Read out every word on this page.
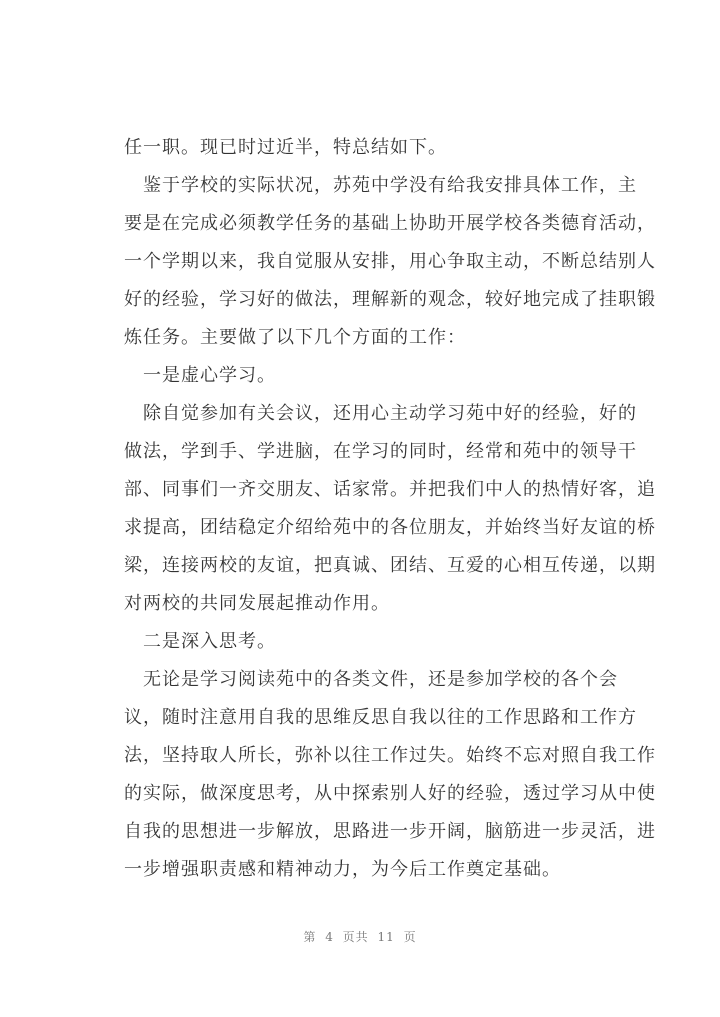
任一职。现已时过近半，特总结如下。
　鉴于学校的实际状况，苏苑中学没有给我安排具体工作，主
要是在完成必须教学任务的基础上协助开展学校各类德育活动，
一个学期以来，我自觉服从安排，用心争取主动，不断总结别人
好的经验，学习好的做法，理解新的观念，较好地完成了挂职锻
炼任务。主要做了以下几个方面的工作：
　一是虚心学习。
　除自觉参加有关会议，还用心主动学习苑中好的经验，好的
做法，学到手、学进脑，在学习的同时，经常和苑中的领导干
部、同事们一齐交朋友、话家常。并把我们中人的热情好客，追
求提高，团结稳定介绍给苑中的各位朋友，并始终当好友谊的桥
梁，连接两校的友谊，把真诚、团结、互爱的心相互传递，以期
对两校的共同发展起推动作用。
　二是深入思考。
　无论是学习阅读苑中的各类文件，还是参加学校的各个会
议，随时注意用自我的思维反思自我以往的工作思路和工作方
法，坚持取人所长，弥补以往工作过失。始终不忘对照自我工作
的实际，做深度思考，从中探索别人好的经验，透过学习从中使
自我的思想进一步解放，思路进一步开阔，脑筋进一步灵活，进
一步增强职责感和精神动力，为今后工作奠定基础。
第 4 页共 11 页
